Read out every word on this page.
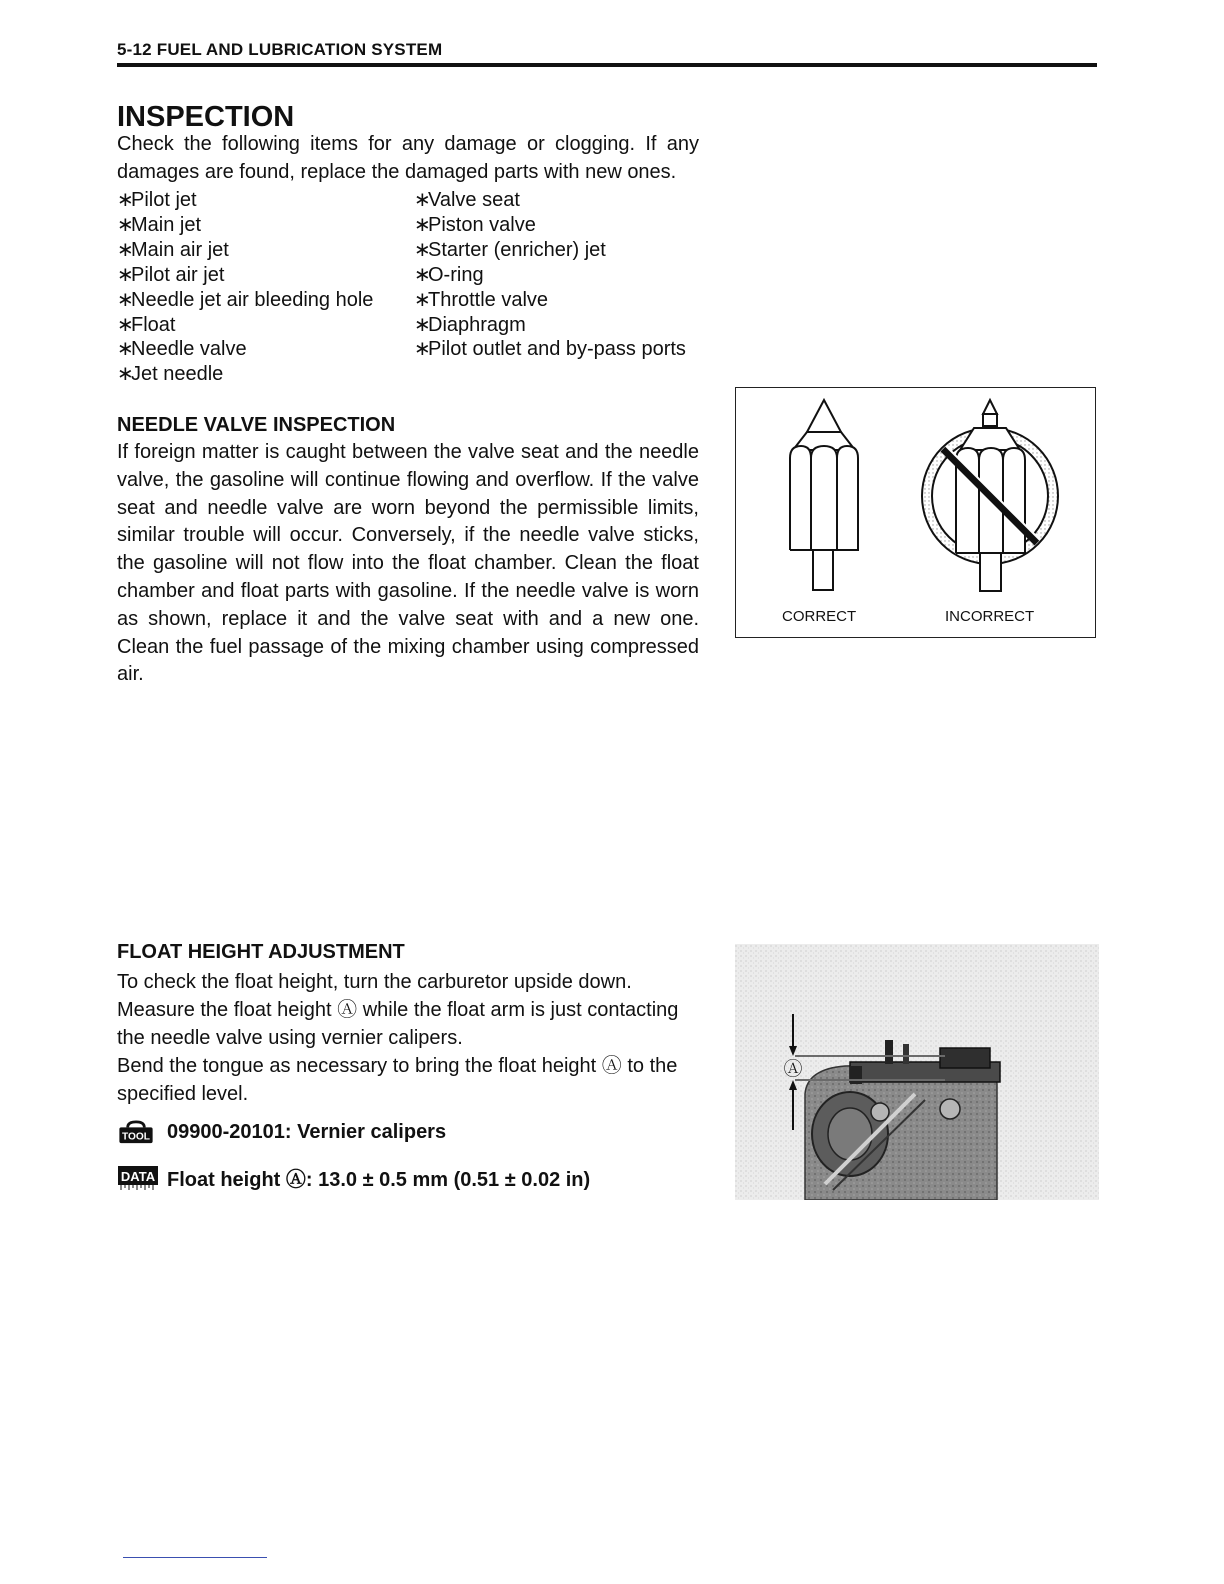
5-12 FUEL AND LUBRICATION SYSTEM
INSPECTION

Check the following items for any damage or clogging. If any damages are found, replace the damaged parts with new ones.

∗Pilot jet	∗Valve seat
∗Main jet	∗Piston valve
∗Main air jet	∗Starter (enricher) jet
∗Pilot air jet	∗O-ring
∗Needle jet air bleeding hole	∗Throttle valve
∗Float	∗Diaphragm
∗Needle valve	∗Pilot outlet and by-pass ports
∗Jet needle
NEEDLE VALVE INSPECTION

If foreign matter is caught between the valve seat and the needle valve, the gasoline will continue flowing and overflow. If the valve seat and needle valve are worn beyond the permissible limits, similar trouble will occur. Conversely, if the needle valve sticks, the gasoline will not flow into the float chamber. Clean the float chamber and float parts with gasoline. If the needle valve is worn as shown, replace it and the valve seat with and a new one. Clean the fuel passage of the mixing chamber using compressed air.

CORRECT	INCORRECT
FLOAT HEIGHT ADJUSTMENT

To check the float height, turn the carburetor upside down.
Measure the float height Ⓐ while the float arm is just contacting the needle valve using vernier calipers.
Bend the tongue as necessary to bring the float height Ⓐ to the specified level.

TOOL 09900-20101: Vernier calipers
DATA Float height Ⓐ: 13.0 ± 0.5 mm (0.51 ± 0.02 in)
Ⓐ
